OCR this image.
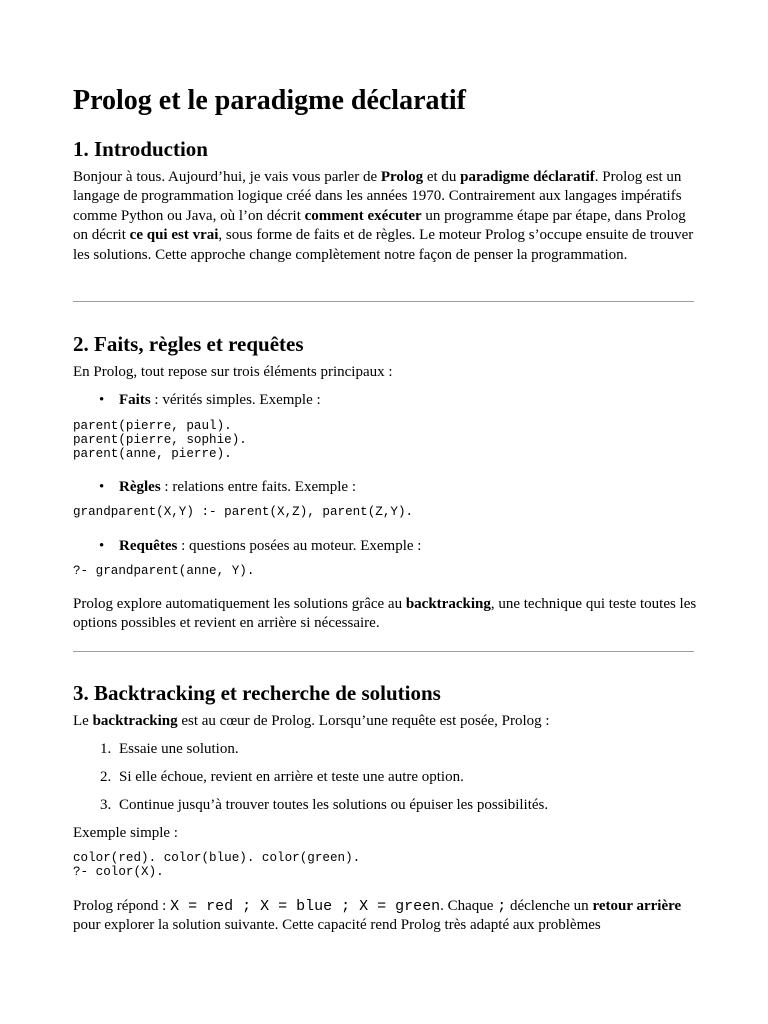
Prolog et le paradigme déclaratif
1. Introduction

Bonjour à tous. Aujourd’hui, je vais vous parler de Prolog et du paradigme déclaratif. Prolog est un langage de programmation logique créé dans les années 1970. Contrairement aux langages impératifs comme Python ou Java, où l’on décrit comment exécuter un programme étape par étape, dans Prolog on décrit ce qui est vrai, sous forme de faits et de règles. Le moteur Prolog s’occupe ensuite de trouver les solutions. Cette approche change complètement notre façon de penser la programmation.

2. Faits, règles et requêtes

En Prolog, tout repose sur trois éléments principaux :

• Faits : vérités simples. Exemple :
parent(pierre, paul).
parent(pierre, sophie).
parent(anne, pierre).
• Règles : relations entre faits. Exemple :
grandparent(X,Y) :- parent(X,Z), parent(Z,Y).
• Requêtes : questions posées au moteur. Exemple :
?- grandparent(anne, Y).

Prolog explore automatiquement les solutions grâce au backtracking, une technique qui teste toutes les options possibles et revient en arrière si nécessaire.

3. Backtracking et recherche de solutions

Le backtracking est au cœur de Prolog. Lorsqu’une requête est posée, Prolog :

1. Essaie une solution.
2. Si elle échoue, revient en arrière et teste une autre option.
3. Continue jusqu’à trouver toutes les solutions ou épuiser les possibilités.

Exemple simple :

color(red). color(blue). color(green).
?- color(X).

Prolog répond : X = red ; X = blue ; X = green. Chaque ; déclenche un retour arrière pour explorer la solution suivante. Cette capacité rend Prolog très adapté aux problèmes
